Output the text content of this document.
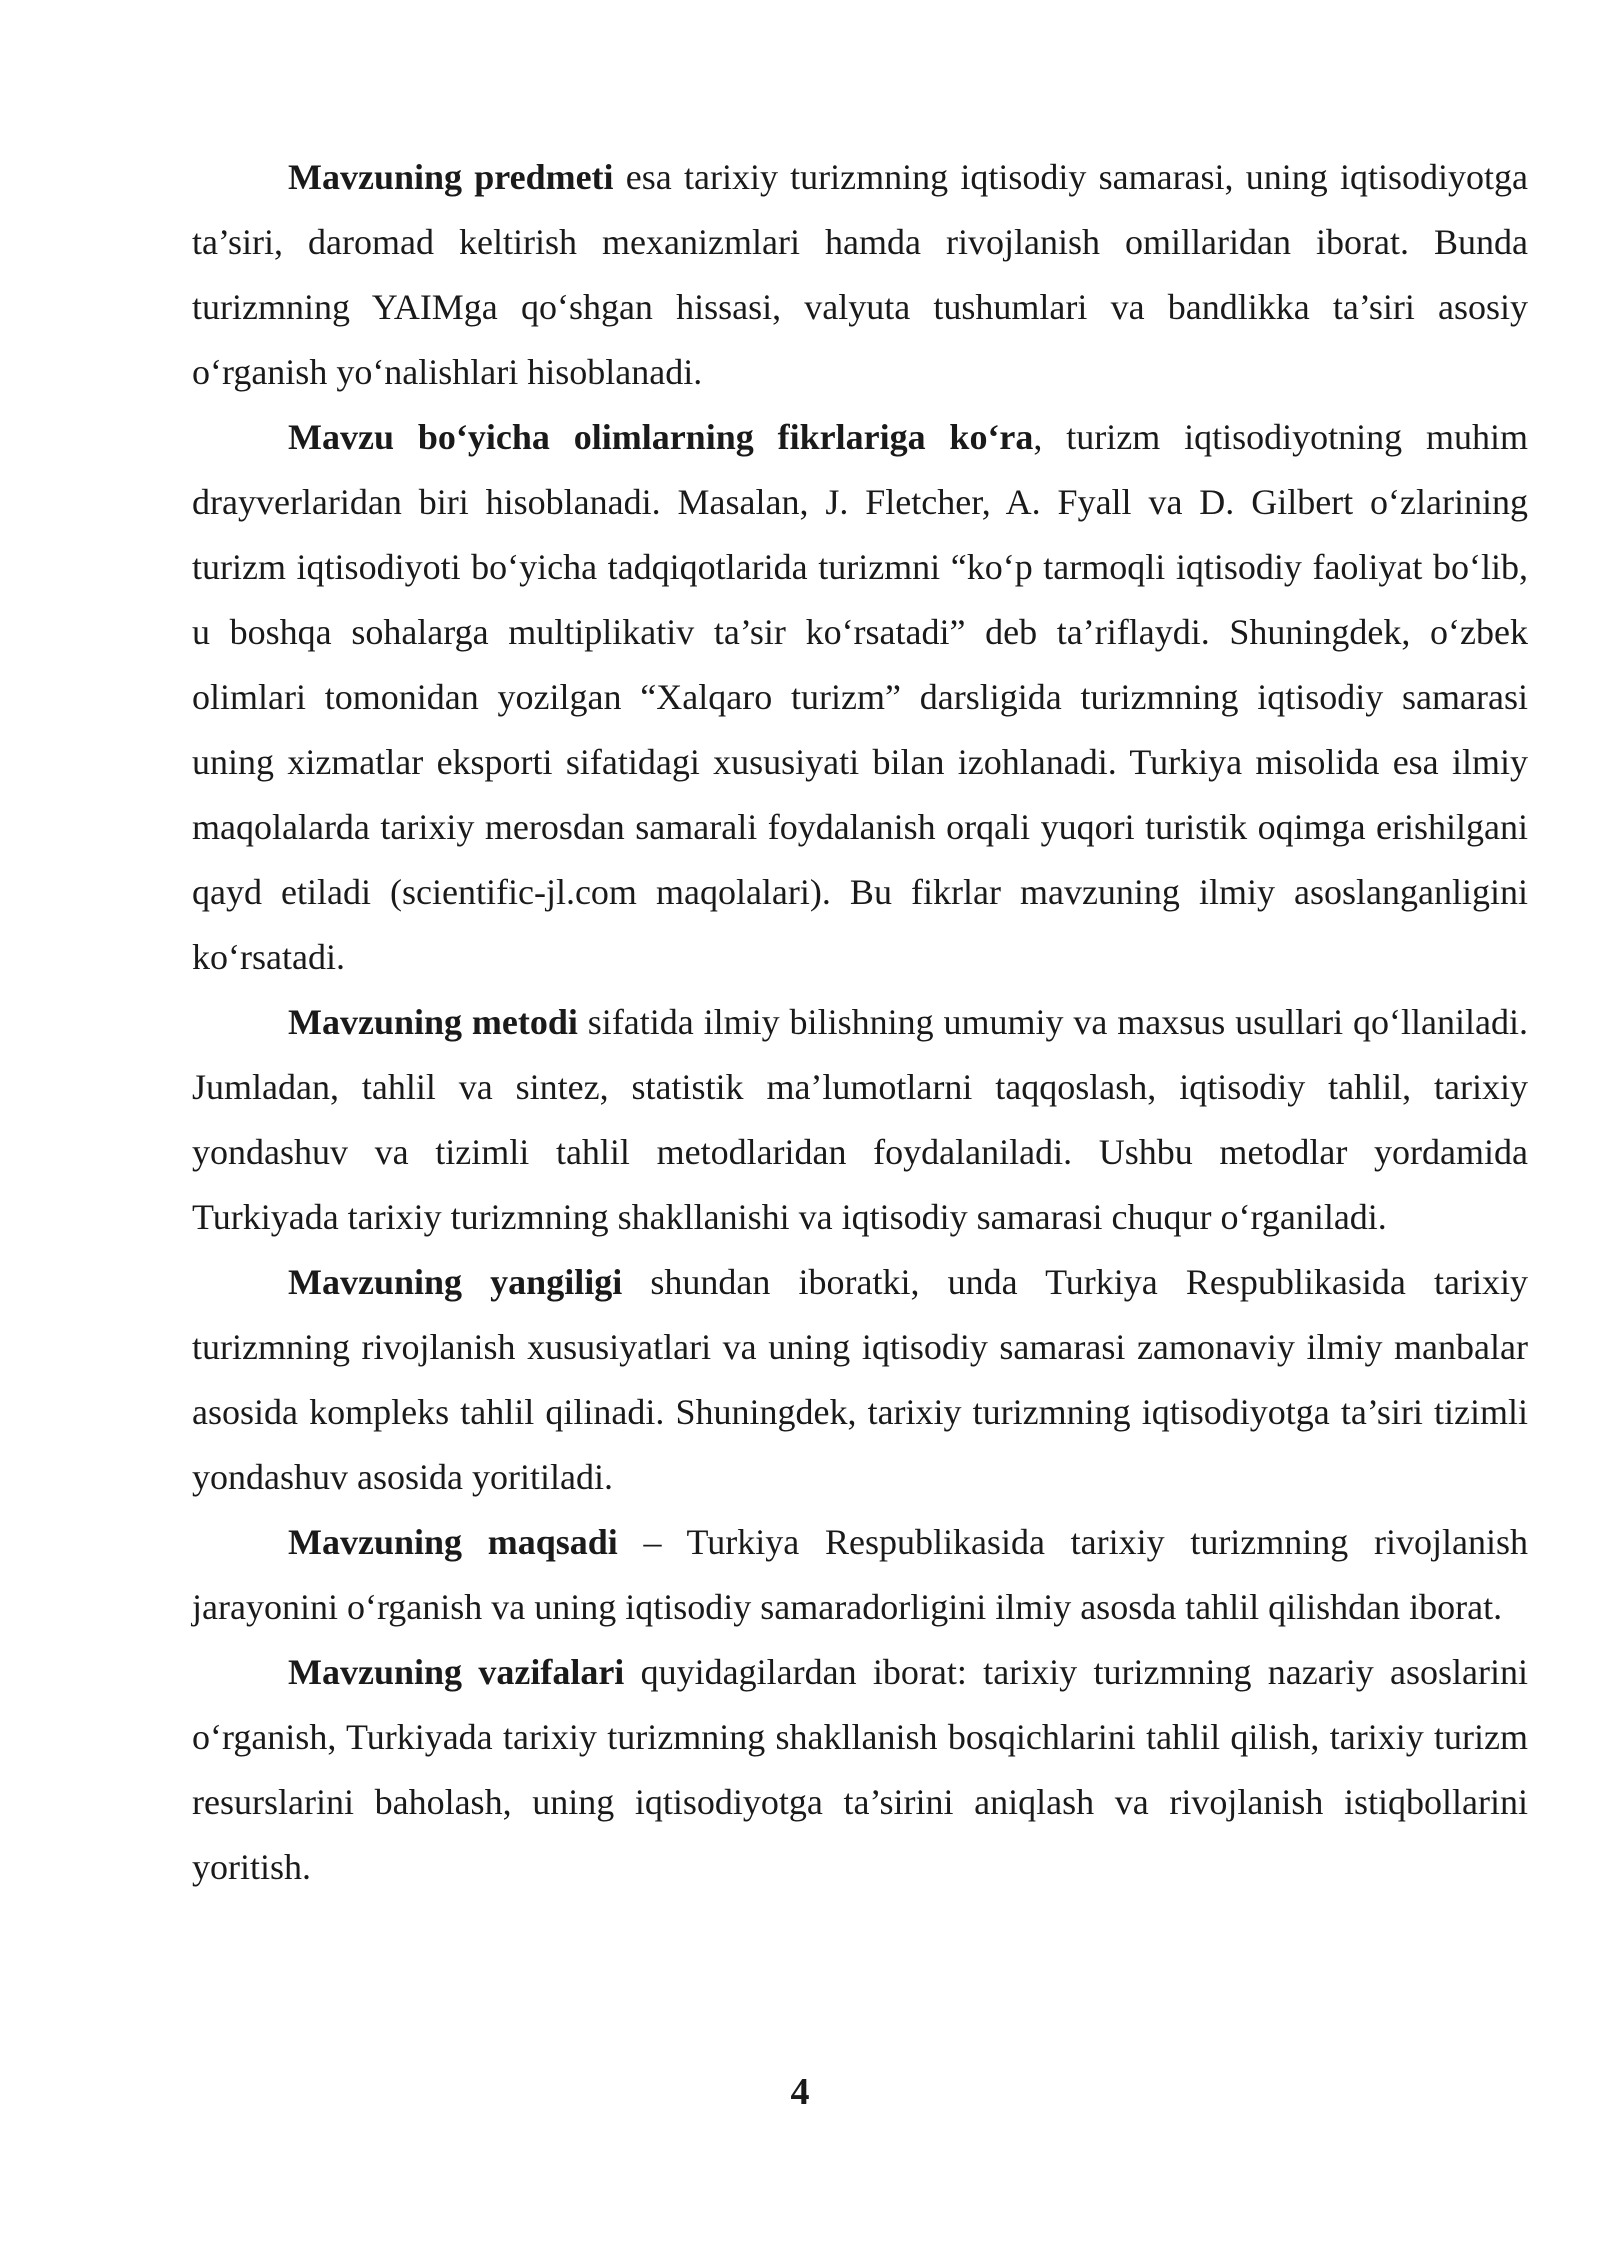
Mavzuning predmeti esa tarixiy turizmning iqtisodiy samarasi, uning iqtisodiyotga ta’siri, daromad keltirish mexanizmlari hamda rivojlanish omillaridan iborat. Bunda turizmning YAIMga qo‘shgan hissasi, valyuta tushumlari va bandlikka ta’siri asosiy o‘rganish yo‘nalishlari hisoblanadi.

Mavzu bo‘yicha olimlarning fikrlariga ko‘ra, turizm iqtisodiyotning muhim drayverlaridan biri hisoblanadi. Masalan, J. Fletcher, A. Fyall va D. Gilbert o‘zlarining turizm iqtisodiyoti bo‘yicha tadqiqotlarida turizmni “ko‘p tarmoqli iqtisodiy faoliyat bo‘lib, u boshqa sohalarga multiplikativ ta’sir ko‘rsatadi” deb ta’riflaydi. Shuningdek, o‘zbek olimlari tomonidan yozilgan “Xalqaro turizm” darsligida turizmning iqtisodiy samarasi uning xizmatlar eksporti sifatidagi xususiyati bilan izohlanadi. Turkiya misolida esa ilmiy maqolalarda tarixiy merosdan samarali foydalanish orqali yuqori turistik oqimga erishilgani qayd etiladi (scientific-jl.com maqolalari). Bu fikrlar mavzuning ilmiy asoslanganligini ko‘rsatadi.

Mavzuning metodi sifatida ilmiy bilishning umumiy va maxsus usullari qo‘llaniladi. Jumladan, tahlil va sintez, statistik ma’lumotlarni taqqoslash, iqtisodiy tahlil, tarixiy yondashuv va tizimli tahlil metodlaridan foydalaniladi. Ushbu metodlar yordamida Turkiyada tarixiy turizmning shakllanishi va iqtisodiy samarasi chuqur o‘rganiladi.

Mavzuning yangiligi shundan iboratki, unda Turkiya Respublikasida tarixiy turizmning rivojlanish xususiyatlari va uning iqtisodiy samarasi zamonaviy ilmiy manbalar asosida kompleks tahlil qilinadi. Shuningdek, tarixiy turizmning iqtisodiyotga ta’siri tizimli yondashuv asosida yoritiladi.

Mavzuning maqsadi – Turkiya Respublikasida tarixiy turizmning rivojlanish jarayonini o‘rganish va uning iqtisodiy samaradorligini ilmiy asosda tahlil qilishdan iborat.

Mavzuning vazifalari quyidagilardan iborat: tarixiy turizmning nazariy asoslarini o‘rganish, Turkiyada tarixiy turizmning shakllanish bosqichlarini tahlil qilish, tarixiy turizm resurslarini baholash, uning iqtisodiyotga ta’sirini aniqlash va rivojlanish istiqbollarini yoritish.

4
